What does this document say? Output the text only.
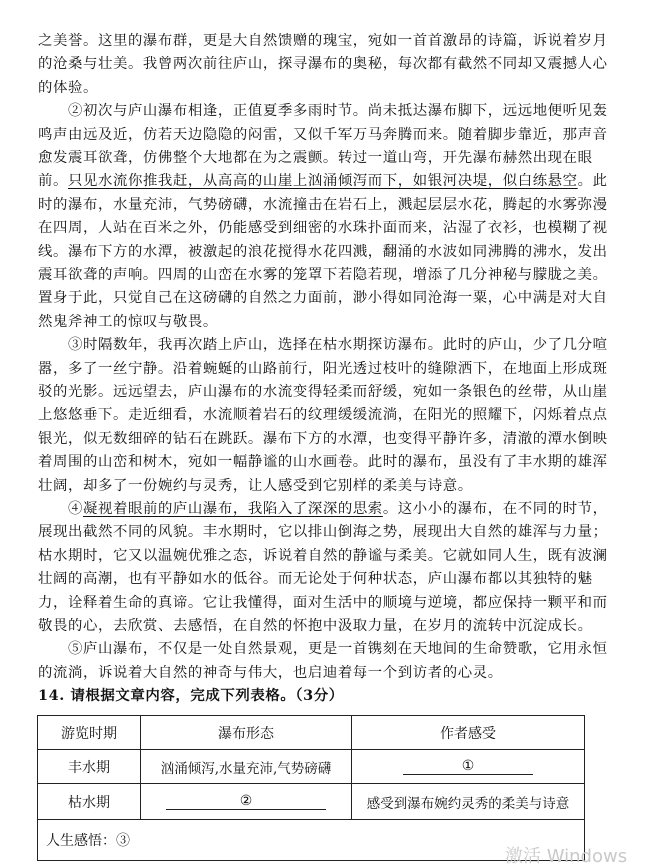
之美誉。这里的瀑布群，更是大自然馈赠的瑰宝，宛如一首首激昂的诗篇，诉说着岁月
的沧桑与壮美。我曾两次前往庐山，探寻瀑布的奥秘，每次都有截然不同却又震撼人心
的体验。
　　②初次与庐山瀑布相逢，正值夏季多雨时节。尚未抵达瀑布脚下，远远地便听见轰
鸣声由远及近，仿若天边隐隐的闷雷，又似千军万马奔腾而来。随着脚步靠近，那声音
愈发震耳欲聋，仿佛整个大地都在为之震颤。转过一道山弯，开先瀑布赫然出现在眼
前。只见水流你推我赶，从高高的山崖上汹涌倾泻而下，如银河决堤，似白练悬空。此
时的瀑布，水量充沛，气势磅礴，水流撞击在岩石上，溅起层层水花，腾起的水雾弥漫
在四周，人站在百米之外，仍能感受到细密的水珠扑面而来，沾湿了衣衫，也模糊了视
线。瀑布下方的水潭，被激起的浪花搅得水花四溅，翻涌的水波如同沸腾的沸水，发出
震耳欲聋的声响。四周的山峦在水雾的笼罩下若隐若现，增添了几分神秘与朦胧之美。
置身于此，只觉自己在这磅礴的自然之力面前，渺小得如同沧海一粟，心中满是对大自
然鬼斧神工的惊叹与敬畏。
　　③时隔数年，我再次踏上庐山，选择在枯水期探访瀑布。此时的庐山，少了几分喧
嚣，多了一丝宁静。沿着蜿蜒的山路前行，阳光透过枝叶的缝隙洒下，在地面上形成斑
驳的光影。远远望去，庐山瀑布的水流变得轻柔而舒缓，宛如一条银色的丝带，从山崖
上悠悠垂下。走近细看，水流顺着岩石的纹理缓缓流淌，在阳光的照耀下，闪烁着点点
银光，似无数细碎的钻石在跳跃。瀑布下方的水潭，也变得平静许多，清澈的潭水倒映
着周围的山峦和树木，宛如一幅静谧的山水画卷。此时的瀑布，虽没有了丰水期的雄浑
壮阔，却多了一份婉约与灵秀，让人感受到它别样的柔美与诗意。
　　④凝视着眼前的庐山瀑布，我陷入了深深的思索。这小小的瀑布，在不同的时节，
展现出截然不同的风貌。丰水期时，它以排山倒海之势，展现出大自然的雄浑与力量；
枯水期时，它又以温婉优雅之态，诉说着自然的静谧与柔美。它就如同人生，既有波澜
壮阔的高潮，也有平静如水的低谷。而无论处于何种状态，庐山瀑布都以其独特的魅
力，诠释着生命的真谛。它让我懂得，面对生活中的顺境与逆境，都应保持一颗平和而
敬畏的心，去欣赏、去感悟，在自然的怀抱中汲取力量，在岁月的流转中沉淀成长。
　　⑤庐山瀑布，不仅是一处自然景观，更是一首镌刻在天地间的生命赞歌，它用永恒
的流淌，诉说着大自然的神奇与伟大，也启迪着每一个到访者的心灵。
14. 请根据文章内容，完成下列表格。（3分）
游览时期	瀑布形态	作者感受
丰水期	汹涌倾泻,水量充沛,气势磅礴	①
枯水期	②	感受到瀑布婉约灵秀的柔美与诗意
人生感悟：③
激活 Windows
